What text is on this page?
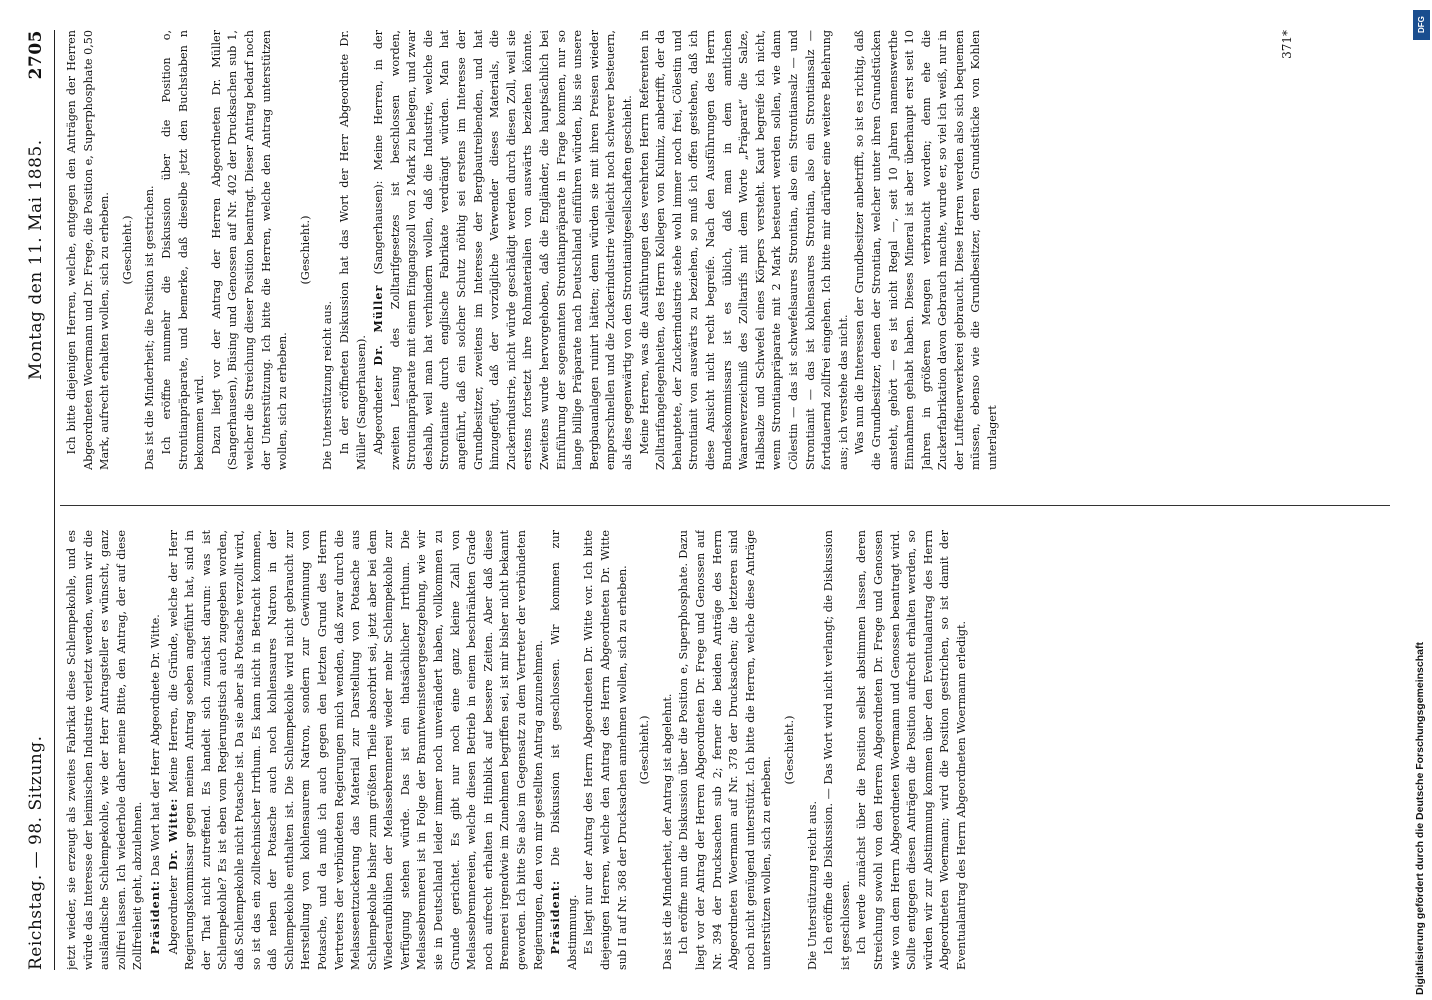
Reichstag. — 98. Sitzung.
Montag den 11. Mai 1885.
2705

jetzt wieder, sie erzeugt als zweites Fabrikat diese Schlempekohle, und es würde das Interesse der heimischen Industrie verletzt werden, wenn wir die ausländische Schlempekohle, wie der Herr Antragsteller es wünscht, ganz zollfrei lassen. Ich wiederhole daher meine Bitte, den Antrag, der auf diese Zollfreiheit geht, abzulehnen. Präsident: Das Wort hat der Herr Abgeordnete Dr. Witte.

Abgeordneter Dr. Witte: Meine Herren, die Gründe, welche der Herr Regierungskommissar gegen meinen Antrag soeben angeführt hat, sind in der That nicht zutreffend. Es handelt sich zunächst darum: was ist Schlempekohle? Es ist eben vom Regierungstisch auch zugegeben worden, daß Schlempekohle nicht Potasche ist. Da sie aber als Potasche verzollt wird, so ist das ein zolltechnischer Irrthum. Es kann nicht in Betracht kommen, daß neben der Potasche auch noch kohlensaures Natron in der Schlempekohle enthalten ist. Die Schlempekohle wird nicht gebraucht zur Herstellung von kohlensaurem Natron, sondern zur Gewinnung von Potasche, und da muß ich auch gegen den letzten Grund des Herrn Vertreters der verbündeten Regierungen mich wenden, daß zwar durch die Melasseentzuckerung das Material zur Darstellung von Potasche aus Schlempekohle bisher zum größten Theile absorbirt sei, jetzt aber bei dem Wiederaufblühen der Melassebrennerei wieder mehr Schlempekohle zur Verfügung stehen würde. Das ist ein thatsächlicher Irrthum. Die Melassebrennerei ist in Folge der Branntweinsteuergesetzgebung, wie wir sie in Deutschland leider immer noch unverändert haben, vollkommen zu Grunde gerichtet. Es gibt nur noch eine ganz kleine Zahl von Melassebrennereien, welche diesen Betrieb in einem beschränkten Grade noch aufrecht erhalten in Hinblick auf bessere Zeiten. Aber daß diese Brennerei irgendwie im Zunehmen begriffen sei, ist mir bisher nicht bekannt geworden. Ich bitte Sie also im Gegensatz zu dem Vertreter der verbündeten Regierungen, den von mir gestellten Antrag anzunehmen. Präsident: Die Diskussion ist geschlossen. Wir kommen zur Abstimmung. Es liegt nur der Antrag des Herrn Abgeordneten Dr. Witte vor. Ich bitte diejenigen Herren, welche den Antrag des Herrn Abgeordneten Dr. Witte sub II auf Nr. 368 der Drucksachen annehmen wollen, sich zu erheben. (Geschieht.) Das ist die Minderheit, der Antrag ist abgelehnt. Ich eröffne nun die Diskussion über die Position e, Superphosphate. Dazu liegt vor der Antrag der Herren Abgeordneten Dr. Frege und Genossen auf Nr. 394 der Drucksachen sub 2; ferner die beiden Anträge des Herrn Abgeordneten Woermann auf Nr. 378 der Drucksachen; die letzteren sind noch nicht genügend unterstützt. Ich bitte die Herren, welche diese Anträge unterstützen wollen, sich zu erheben.

(Geschieht.)

Die Unterstützung reicht aus. Ich eröffne die Diskussion. — Das Wort wird nicht verlangt; die Diskussion ist geschlossen. Ich werde zunächst über die Position selbst abstimmen lassen, deren Streichung sowohl von den Herren Abgeordneten Dr. Frege und Genossen wie von dem Herrn Abgeordneten Woermann und Genossen beantragt wird. Sollte entgegen diesen Anträgen die Position aufrecht erhalten werden, so würden wir zur Abstimmung kommen über den Eventualantrag des Herrn Abgeordneten Woermann; wird die Position gestrichen, so ist damit der Eventualantrag des Herrn Abgeordneten Woermann erledigt.

Ich bitte diejenigen Herren, welche, entgegen den Anträgen der Herren Abgeordneten Woermann und Dr. Frege, die Position e, Superphosphate 0,50 Mark, aufrecht erhalten wollen, sich zu erheben. (Geschieht.) Das ist die Minderheit; die Position ist gestrichen. Ich eröffne nunmehr die Diskussion über die Position o, Strontianpräparate, und bemerke, daß dieselbe jetzt den Buchstaben n bekommen wird. Dazu liegt vor der Antrag der Herren Abgeordneten Dr. Müller (Sangerhausen), Büsing und Genossen auf Nr. 402 der Drucksachen sub 1, welcher die Streichung dieser Position beantragt. Dieser Antrag bedarf noch der Unterstützung. Ich bitte die Herren, welche den Antrag unterstützen wollen, sich zu erheben.

(Geschieht.)

Die Unterstützung reicht aus. In der eröffneten Diskussion hat das Wort der Herr Abgeordnete Dr. Müller (Sangerhausen). Abgeordneter Dr. Müller (Sangerhausen): Meine Herren, in der zweiten Lesung des Zolltarifgesetzes ist beschlossen worden, Strontianpräparate mit einem Eingangszoll von 2 Mark zu belegen, und zwar deshalb, weil man hat verhindern wollen, daß die Industrie, welche die Strontianite durch englische Fabrikate verdrängt würden. Man hat angeführt, daß ein solcher Schutz nöthig sei erstens im Interesse der Grundbesitzer, zweitens im Interesse der Bergbautreibenden, und hat hinzugefügt, daß der vorzügliche Verwender dieses Materials, die Zuckerindustrie, nicht würde geschädigt werden durch diesen Zoll, weil sie erstens fortsetzt ihre Rohmaterialien von auswärts beziehen könnte. Zweitens wurde hervorgehoben, daß die Engländer, die hauptsächlich bei Einführung der sogenannten Strontianpräparate in Frage kommen, nur so lange billige Präparate nach Deutschland einführen würden, bis sie unsere Bergbauanlagen ruinirt hätten; denn würden sie mit ihren Preisen wieder emporschnellen und die Zuckerindustrie vielleicht noch schwerer besteuern, als dies gegenwärtig von den Strontianitgesellschaften geschieht. Meine Herren, was die Ausführungen des verehrten Herrn Referenten in Zolltarifangelegenheiten, des Herrn Kollegen von Kulmiz, anbetrifft, der da behauptete, der Zuckerindustrie stehe wohl immer noch frei, Cölestin und Strontianit von auswärts zu beziehen, so muß ich offen gestehen, daß ich diese Ansicht nicht recht begreife. Nach den Ausführungen des Herrn Bundeskommissars ist es üblich, daß man in dem amtlichen Waarenverzeichniß des Zolltarifs mit dem Worte „Präparat“ die Salze, Halbsalze und Schwefel eines Körpers versteht. Kaut begreife ich nicht, wenn Strontianpräparate mit 2 Mark besteuert werden sollen, wie dann Cölestin — das ist schwefelsaures Strontian, also ein Strontiansalz — und Strontianit — das ist kohlensaures Strontian, also ein Strontiansalz — fortdauernd zollfrei eingehen. Ich bitte mir darüber eine weitere Belehrung aus; ich verstehe das nicht. Was nun die Interessen der Grundbesitzer anbetrifft, so ist es richtig, daß die Grundbesitzer, denen der Strontian, welcher unter ihren Grundstücken ansteht, gehört — es ist nicht Regal —, seit 10 Jahren namenswerthe Einnahmen gehabt haben. Dieses Mineral ist aber überhaupt erst seit 10 Jahren in größeren Mengen verbraucht worden; denn ehe die Zuckerfabrikation davon Gebrauch machte, wurde er, so viel ich weiß, nur in der Luftfeuerwerkerei gebraucht. Diese Herren werden also sich bequemen müssen, ebenso wie die Grundbesitzer, deren Grundstücke von Kohlen unterlagert

371*
Digitalisierung gefördert durch die Deutsche Forschungsgemeinschaft
DFG
